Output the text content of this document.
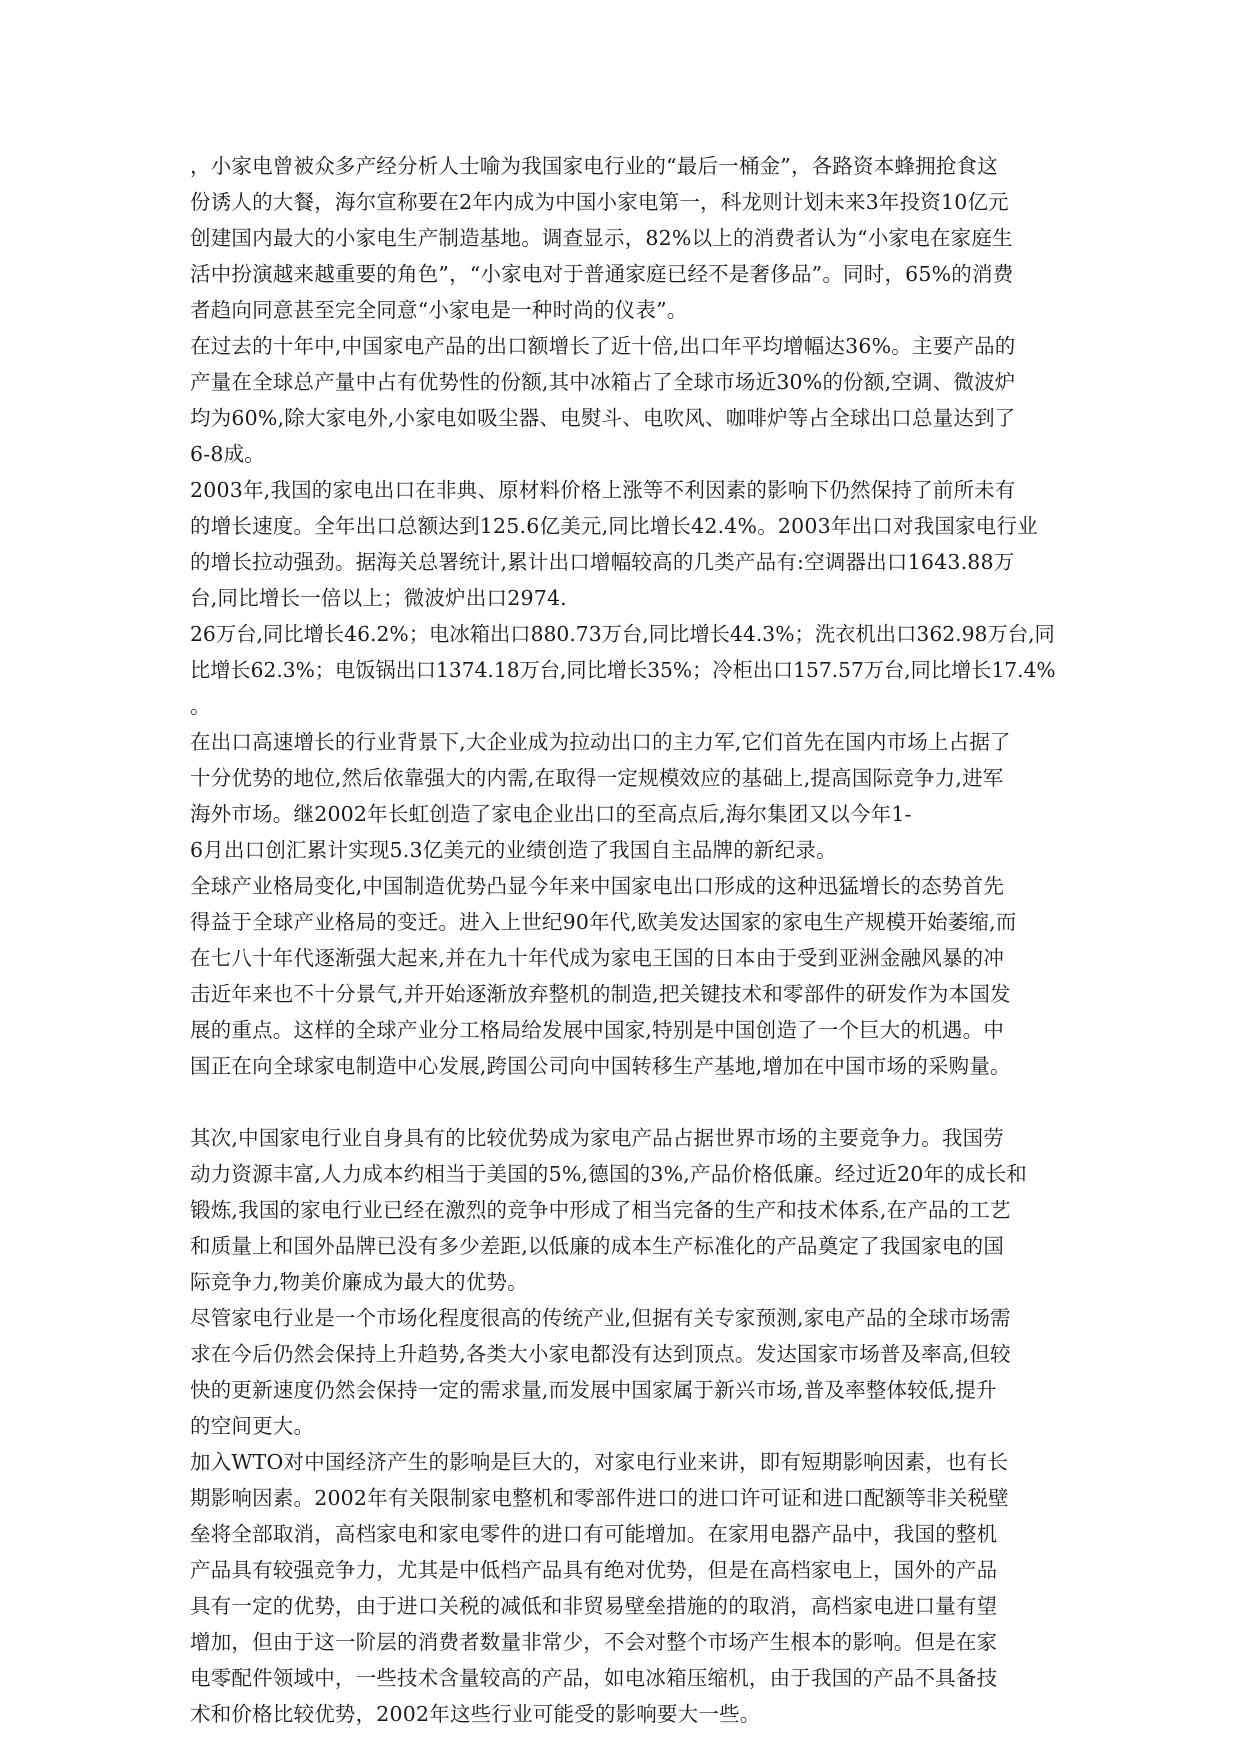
，小家电曾被众多产经分析人士喻为我国家电行业的“最后一桶金”，各路资本蜂拥抢食这
份诱人的大餐，海尔宣称要在2年内成为中国小家电第一，科龙则计划未来3年投资10亿元
创建国内最大的小家电生产制造基地。调查显示，82%以上的消费者认为“小家电在家庭生
活中扮演越来越重要的角色”，“小家电对于普通家庭已经不是奢侈品”。同时，65%的消费
者趋向同意甚至完全同意“小家电是一种时尚的仪表”。
在过去的十年中,中国家电产品的出口额增长了近十倍,出口年平均增幅达36%。主要产品的
产量在全球总产量中占有优势性的份额,其中冰箱占了全球市场近30%的份额,空调、微波炉
均为60%,除大家电外,小家电如吸尘器、电熨斗、电吹风、咖啡炉等占全球出口总量达到了
6-8成。
2003年,我国的家电出口在非典、原材料价格上涨等不利因素的影响下仍然保持了前所未有
的增长速度。全年出口总额达到125.6亿美元,同比增长42.4%。2003年出口对我国家电行业
的增长拉动强劲。据海关总署统计,累计出口增幅较高的几类产品有:空调器出口1643.88万
台,同比增长一倍以上；微波炉出口2974.
26万台,同比增长46.2%；电冰箱出口880.73万台,同比增长44.3%；洗衣机出口362.98万台,同
比增长62.3%；电饭锅出口1374.18万台,同比增长35%；冷柜出口157.57万台,同比增长17.4%
。
在出口高速增长的行业背景下,大企业成为拉动出口的主力军,它们首先在国内市场上占据了
十分优势的地位,然后依靠强大的内需,在取得一定规模效应的基础上,提高国际竞争力,进军
海外市场。继2002年长虹创造了家电企业出口的至高点后,海尔集团又以今年1-
6月出口创汇累计实现5.3亿美元的业绩创造了我国自主品牌的新纪录。
全球产业格局变化,中国制造优势凸显今年来中国家电出口形成的这种迅猛增长的态势首先
得益于全球产业格局的变迁。进入上世纪90年代,欧美发达国家的家电生产规模开始萎缩,而
在七八十年代逐渐强大起来,并在九十年代成为家电王国的日本由于受到亚洲金融风暴的冲
击近年来也不十分景气,并开始逐渐放弃整机的制造,把关键技术和零部件的研发作为本国发
展的重点。这样的全球产业分工格局给发展中国家,特别是中国创造了一个巨大的机遇。中
国正在向全球家电制造中心发展,跨国公司向中国转移生产基地,增加在中国市场的采购量。
其次,中国家电行业自身具有的比较优势成为家电产品占据世界市场的主要竞争力。我国劳
动力资源丰富,人力成本约相当于美国的5%,德国的3%,产品价格低廉。经过近20年的成长和
锻炼,我国的家电行业已经在激烈的竞争中形成了相当完备的生产和技术体系,在产品的工艺
和质量上和国外品牌已没有多少差距,以低廉的成本生产标准化的产品奠定了我国家电的国
际竞争力,物美价廉成为最大的优势。
尽管家电行业是一个市场化程度很高的传统产业,但据有关专家预测,家电产品的全球市场需
求在今后仍然会保持上升趋势,各类大小家电都没有达到顶点。发达国家市场普及率高,但较
快的更新速度仍然会保持一定的需求量,而发展中国家属于新兴市场,普及率整体较低,提升
的空间更大。
加入WTO对中国经济产生的影响是巨大的，对家电行业来讲，即有短期影响因素，也有长
期影响因素。2002年有关限制家电整机和零部件进口的进口许可证和进口配额等非关税壁
垒将全部取消，高档家电和家电零件的进口有可能增加。在家用电器产品中，我国的整机
产品具有较强竞争力，尤其是中低档产品具有绝对优势，但是在高档家电上，国外的产品
具有一定的优势，由于进口关税的减低和非贸易壁垒措施的的取消，高档家电进口量有望
增加，但由于这一阶层的消费者数量非常少，不会对整个市场产生根本的影响。但是在家
电零配件领域中，一些技术含量较高的产品，如电冰箱压缩机，由于我国的产品不具备技
术和价格比较优势，2002年这些行业可能受的影响要大一些。
